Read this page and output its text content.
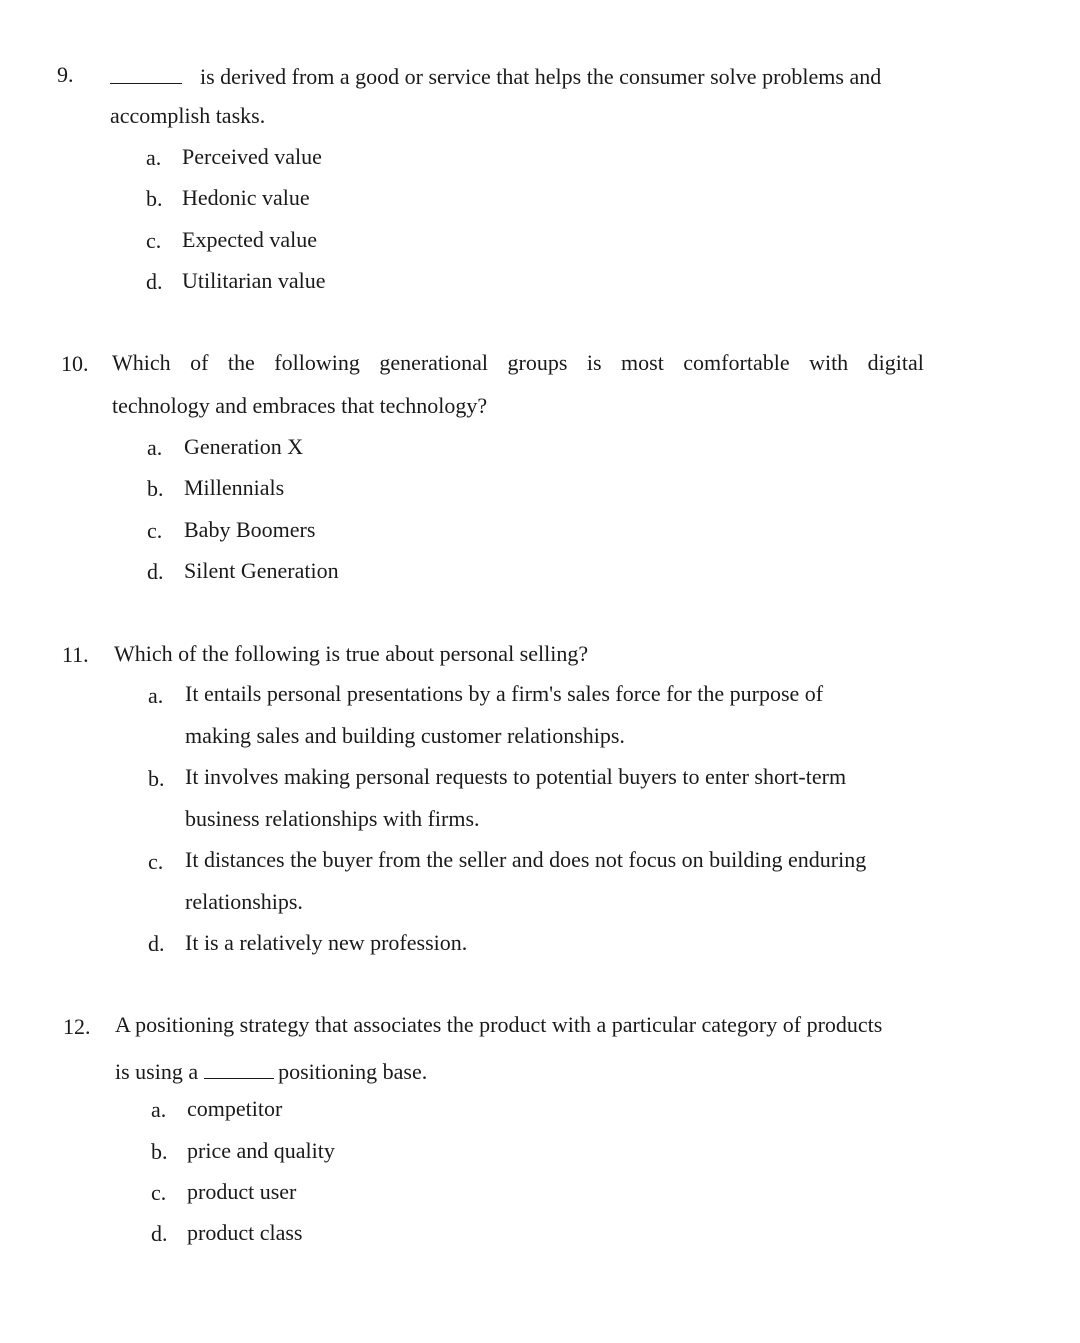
9.	is derived from a good or service that helps the consumer solve problems and
accomplish tasks.
a. Perceived value
b. Hedonic value
c. Expected value
d. Utilitarian value
10. Which of the following generational groups is most comfortable with digital
technology and embraces that technology?
a. Generation X
b. Millennials
c. Baby Boomers
d. Silent Generation
11. Which of the following is true about personal selling?
a. It entails personal presentations by a firm's sales force for the purpose of
making sales and building customer relationships.
b. It involves making personal requests to potential buyers to enter short-term
business relationships with firms.
c. It distances the buyer from the seller and does not focus on building enduring
relationships.
d. It is a relatively new profession.
12. A positioning strategy that associates the product with a particular category of products
is using a	positioning base.
a. competitor
b. price and quality
c. product user
d. product class
